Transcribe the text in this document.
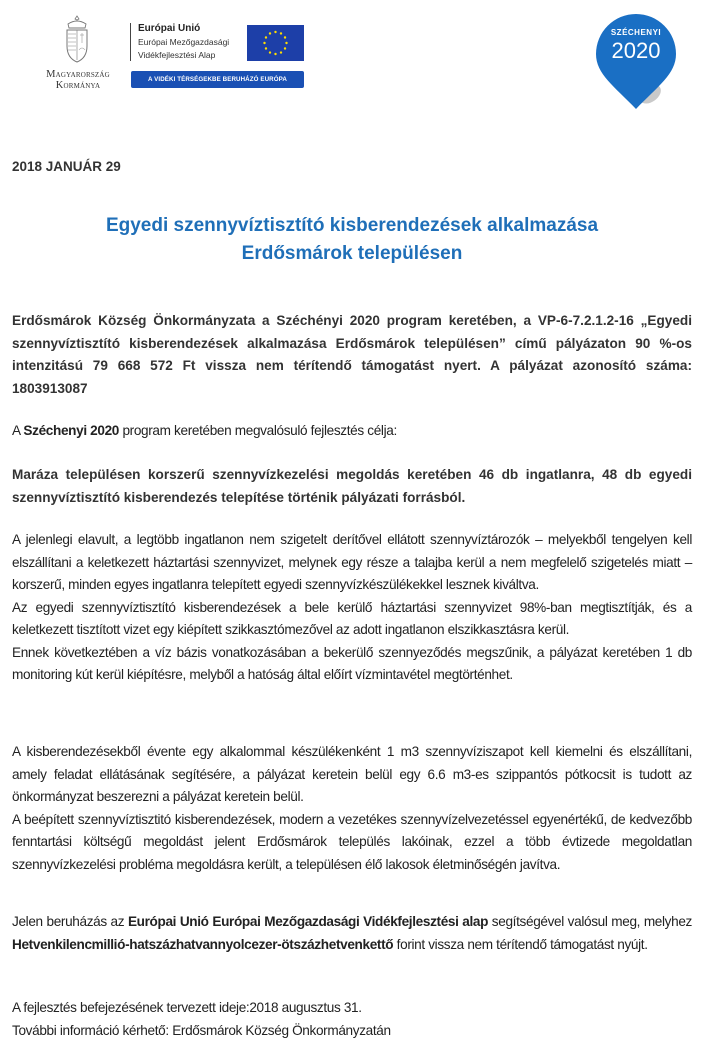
Magyarország
Kormánya
Európai Unió
Európai Mezőgazdasági
Vidékfejlesztési Alap
A VIDÉKI TÉRSÉGEKBE BERUHÁZÓ EURÓPA
SZÉCHENYI
2020
2018 JANUÁR 29
Egyedi szennyvíztisztító kisberendezések alkalmazása Erdősmárok településen

Erdősmárok Község Önkormányzata a Széchényi 2020 program keretében, a VP-6-7.2.1.2-16 „Egyedi szennyvíztisztító kisberendezések alkalmazása Erdősmárok településen” című pályázaton 90 %-os intenzitású 79 668 572 Ft vissza nem térítendő támogatást nyert. A pályázat azonosító száma: 1803913087

A Széchenyi 2020 program keretében megvalósuló fejlesztés célja:

Maráza településen korszerű szennyvízkezelési megoldás keretében 46 db ingatlanra, 48 db egyedi szennyvíztisztító kisberendezés telepítése történik pályázati forrásból.

A jelenlegi elavult, a legtöbb ingatlanon nem szigetelt derítővel ellátott szennyvíztározók – melyekből tengelyen kell elszállítani a keletkezett háztartási szennyvizet, melynek egy része a talajba kerül a nem megfelelő szigetelés miatt – korszerű, minden egyes ingatlanra telepített egyedi szennyvízkészülékekkel lesznek kiváltva.

Az egyedi szennyvíztisztító kisberendezések a bele kerülő háztartási szennyvizet 98%-ban megtisztítják, és a keletkezett tisztított vizet egy kiépített szikkasztómezővel az adott ingatlanon elszikkasztásra kerül.

Ennek következtében a víz bázis vonatkozásában a bekerülő szennyeződés megszűnik, a pályázat keretében 1 db monitoring kút kerül kiépítésre, melyből a hatóság által előírt vízmintavétel megtörténhet.

A kisberendezésekből évente egy alkalommal készülékenként 1 m3 szennyvíziszapot kell kiemelni és elszállítani, amely feladat ellátásának segítésére, a pályázat keretein belül egy 6.6 m3-es szippantós pótkocsit is tudott az önkormányzat beszerezni a pályázat keretein belül.

A beépített szennyvíztisztitó kisberendezések, modern a vezetékes szennyvízelvezetéssel egyenértékű, de kedvezőbb fenntartási költségű megoldást jelent Erdősmárok település lakóinak, ezzel a több évtizede megoldatlan szennyvízkezelési probléma megoldásra került, a településen élő lakosok életminőségén javítva.

Jelen beruházás az Európai Unió Európai Mezőgazdasági Vidékfejlesztési alap segítségével valósul meg, melyhez Hetvenkilencmillió-hatszázhatvannyolcezer-ötszázhetvenkettő forint vissza nem térítendő támogatást nyújt.

A fejlesztés befejezésének tervezett ideje:2018 augusztus 31.

További információ kérhető: Erdősmárok Község Önkormányzatán
